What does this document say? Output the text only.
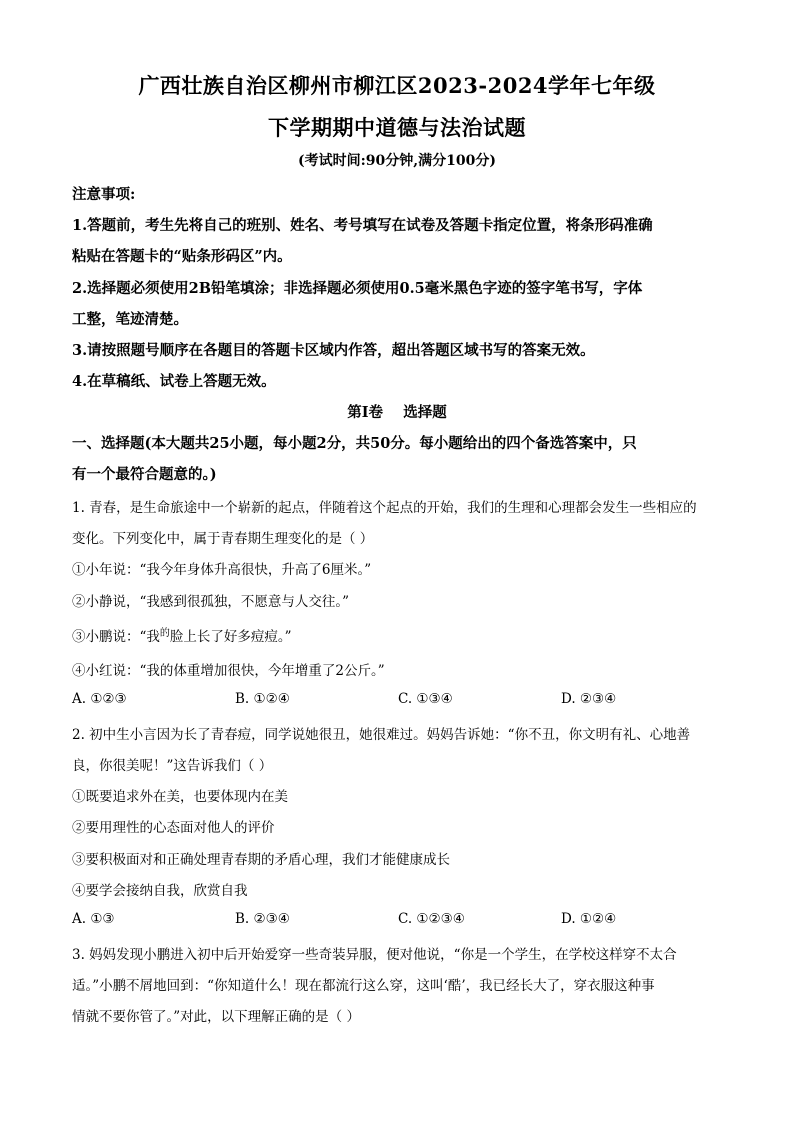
广西壮族自治区柳州市柳江区2023-2024学年七年级
下学期期中道德与法治试题
(考试时间:90分钟,满分100分)
注意事项:
1.答题前，考生先将自己的班别、姓名、考号填写在试卷及答题卡指定位置，将条形码准确
粘贴在答题卡的“贴条形码区”内。
2.选择题必须使用2B铅笔填涂；非选择题必须使用0.5毫米黑色字迹的签字笔书写，字体
工整，笔迹清楚。
3.请按照题号顺序在各题目的答题卡区域内作答，超出答题区域书写的答案无效。
4.在草稿纸、试卷上答题无效。
第Ⅰ卷    选择题
一、选择题(本大题共25小题，每小题2分，共50分。每小题给出的四个备选答案中，只
有一个最符合题意的。)
1. 青春，是生命旅途中一个崭新的起点，伴随着这个起点的开始，我们的生理和心理都会发生一些相应的
变化。下列变化中，属于青春期生理变化的是（ ）
①小年说：“我今年身体升高很快，升高了6厘米。”
②小静说，“我感到很孤独，不愿意与人交往。”
③小鹏说：“我$^的$脸上长了好多痘痘。”
④小红说：“我的体重增加很快，今年增重了2公斤。”
A. ①②③	B. ①②④	C. ①③④	D. ②③④
2. 初中生小言因为长了青春痘，同学说她很丑，她很难过。妈妈告诉她：“你不丑，你文明有礼、心地善
良，你很美呢！”这告诉我们（ ）
①既要追求外在美，也要体现内在美
②要用理性的心态面对他人的评价
③要积极面对和正确处理青春期的矛盾心理，我们才能健康成长
④要学会接纳自我，欣赏自我
A. ①③	B. ②③④	C. ①②③④	D. ①②④
3. 妈妈发现小鹏进入初中后开始爱穿一些奇装异服，便对他说，“你是一个学生，在学校这样穿不太合
适。”小鹏不屑地回到：“你知道什么！现在都流行这么穿，这叫‘酷’，我已经长大了，穿衣服这种事
情就不要你管了。”对此，以下理解正确的是（ ）
